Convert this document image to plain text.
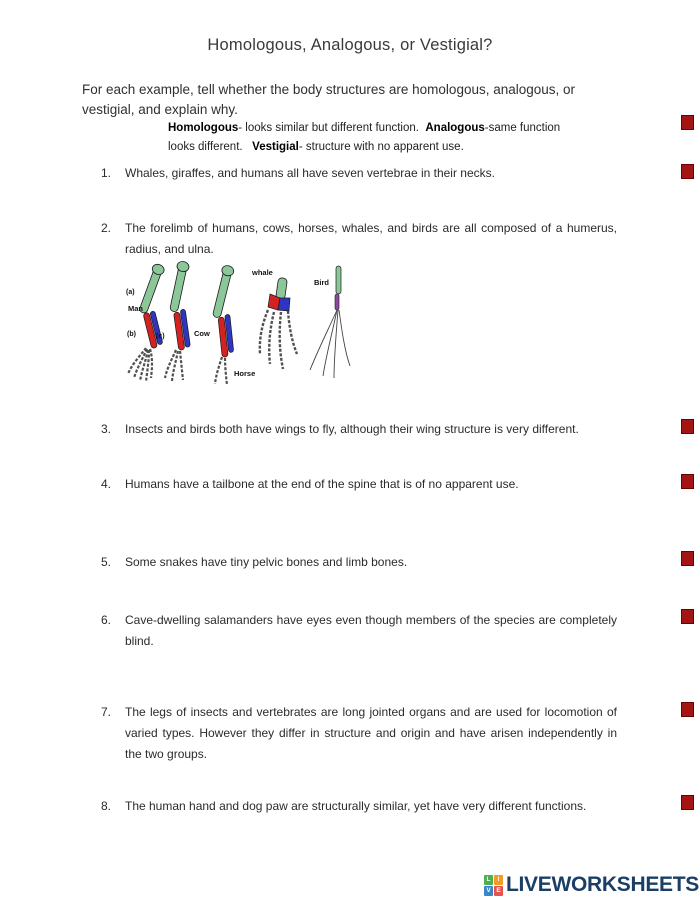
Homologous, Analogous, or Vestigial?
For each example, tell whether the body structures are homologous, analogous, or vestigial, and explain why.
Homologous- looks similar but different function.  Analogous-same function looks different.   Vestigial- structure with no apparent use.
1.	Whales, giraffes, and humans all have seven vertebrae in their necks.
2.	The forelimb of humans, cows, horses, whales, and birds are all composed of a humerus, radius, and ulna.
(a)
Man
(b)	(c)	Cow
Horse
whale
Bird
3.	Insects and birds both have wings to fly, although their wing structure is very different.
4.	Humans have a tailbone at the end of the spine that is of no apparent use.
5.	Some snakes have tiny pelvic bones and limb bones.
6.	Cave-dwelling salamanders have eyes even though members of the species are completely blind.
7.	The legs of insects and vertebrates are long jointed organs and are used for locomotion of varied types. However they differ in structure and origin and have arisen independently in the two groups.
8.	The human hand and dog paw are structurally similar, yet have very different functions.
L	I
V E LIVEWORKSHEETS
